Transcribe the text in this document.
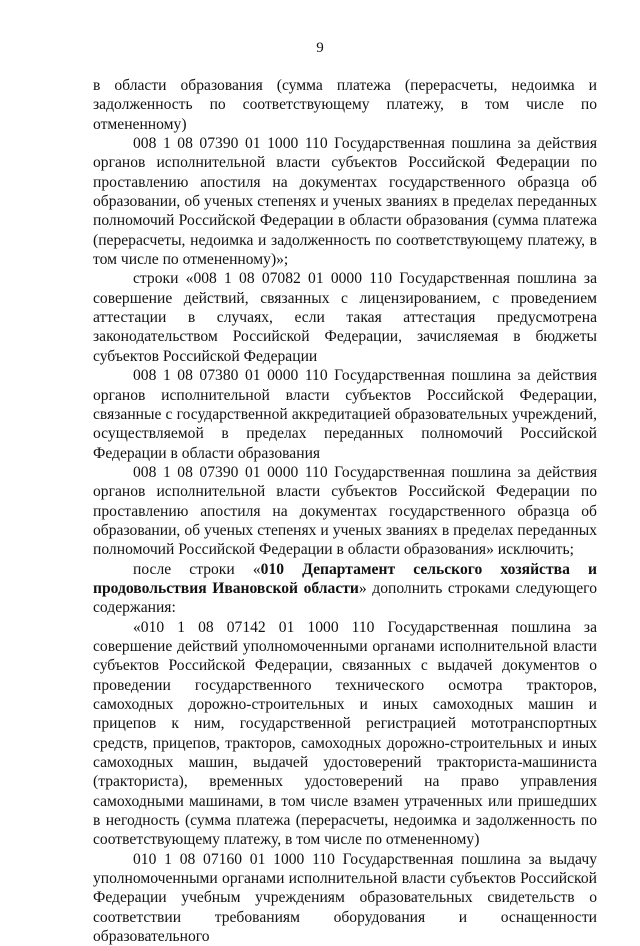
9

в области образования (сумма платежа (перерасчеты, недоимка и задолженность по соответствующему платежу, в том числе по отмененному)

008 1 08 07390 01 1000 110 Государственная пошлина за действия органов исполнительной власти субъектов Российской Федерации по проставлению апостиля на документах государственного образца об образовании, об ученых степенях и ученых званиях в пределах переданных полномочий Российской Федерации в области образования (сумма платежа (перерасчеты, недоимка и задолженность по соответствующему платежу, в том числе по отмененному)»;

строки «008 1 08 07082 01 0000 110 Государственная пошлина за совершение действий, связанных с лицензированием, с проведением аттестации в случаях, если такая аттестация предусмотрена законодательством Российской Федерации, зачисляемая в бюджеты субъектов Российской Федерации

008 1 08 07380 01 0000 110 Государственная пошлина за действия органов исполнительной власти субъектов Российской Федерации, связанные с государственной аккредитацией образовательных учреждений, осуществляемой в пределах переданных полномочий Российской Федерации в области образования

008 1 08 07390 01 0000 110 Государственная пошлина за действия органов исполнительной власти субъектов Российской Федерации по проставлению апостиля на документах государственного образца об образовании, об ученых степенях и ученых званиях в пределах переданных полномочий Российской Федерации в области образования» исключить;

после строки «010 Департамент сельского хозяйства и продовольствия Ивановской области» дополнить строками следующего содержания:

«010 1 08 07142 01 1000 110 Государственная пошлина за совершение действий уполномоченными органами исполнительной власти субъектов Российской Федерации, связанных с выдачей документов о проведении государственного технического осмотра тракторов, самоходных дорожно-строительных и иных самоходных машин и прицепов к ним, государственной регистрацией мототранспортных средств, прицепов, тракторов, самоходных дорожно-строительных и иных самоходных машин, выдачей удостоверений тракториста-машиниста (тракториста), временных удостоверений на право управления самоходными машинами, в том числе взамен утраченных или пришедших в негодность (сумма платежа (перерасчеты, недоимка и задолженность по соответствующему платежу, в том числе по отмененному)

010 1 08 07160 01 1000 110 Государственная пошлина за выдачу уполномоченными органами исполнительной власти субъектов Российской Федерации учебным учреждениям образовательных свидетельств о соответствии требованиям оборудования и оснащенности образовательного
